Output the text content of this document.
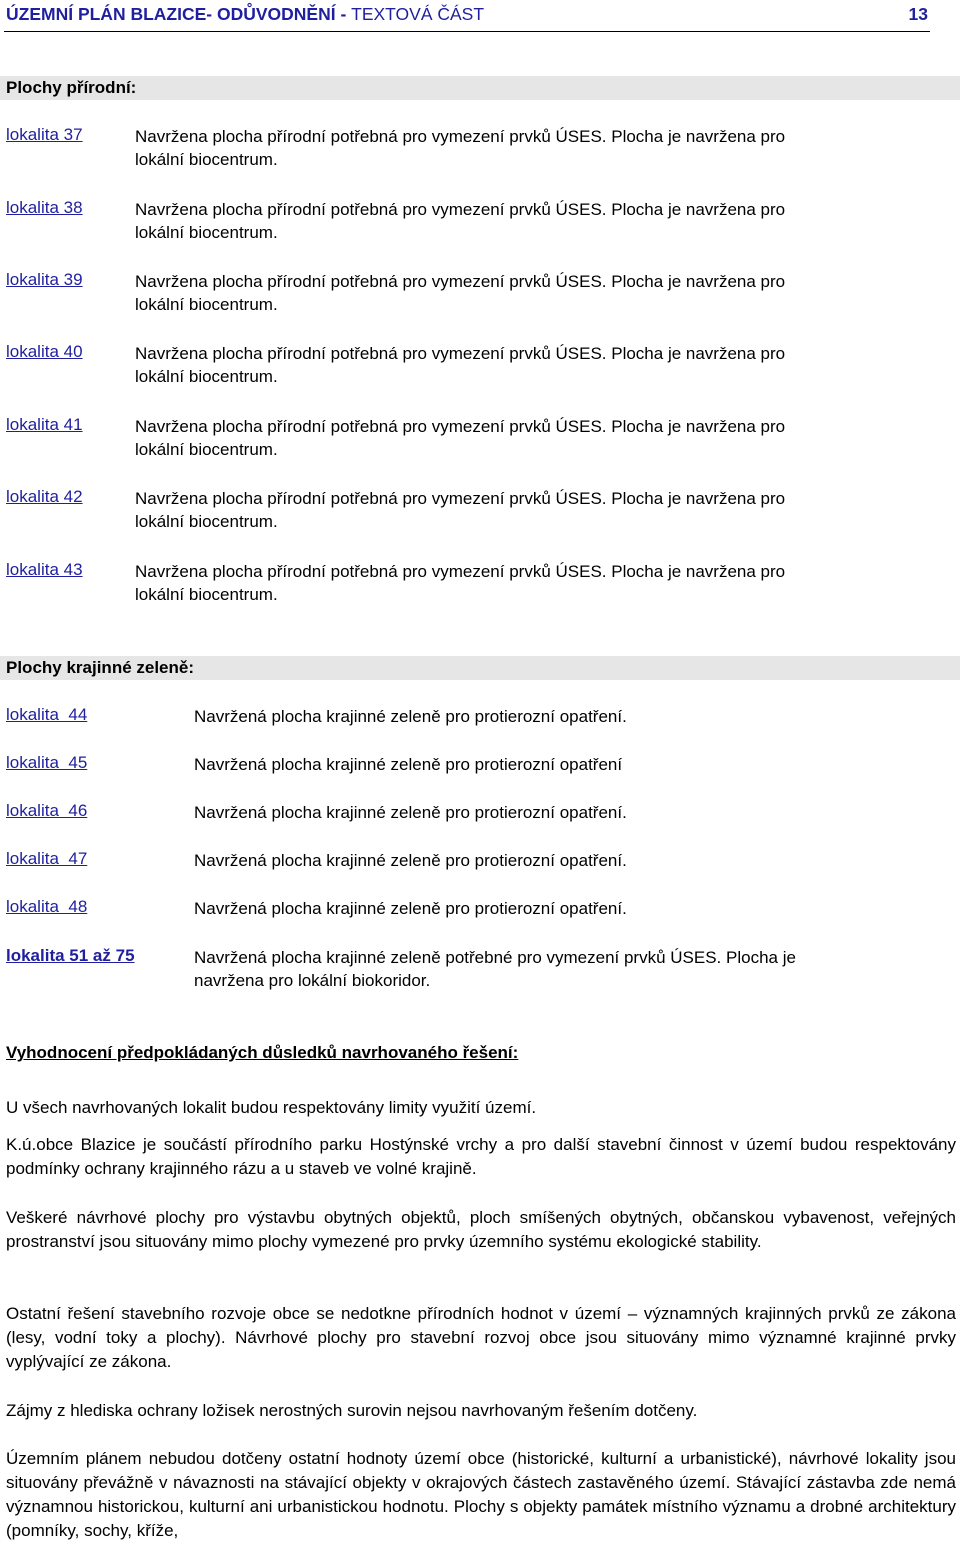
ÚZEMNÍ PLÁN BLAZICE- ODŮVODNĚNÍ - TEXTOVÁ ČÁST	13
Plochy přírodní:
lokalita 37	Navržena plocha přírodní potřebná pro vymezení prvků ÚSES. Plocha je navržena pro
lokální biocentrum.
lokalita 38	Navržena plocha přírodní potřebná pro vymezení prvků ÚSES. Plocha je navržena pro
lokální biocentrum.
lokalita 39	Navržena plocha přírodní potřebná pro vymezení prvků ÚSES. Plocha je navržena pro
lokální biocentrum.
lokalita 40	Navržena plocha přírodní potřebná pro vymezení prvků ÚSES. Plocha je navržena pro
lokální biocentrum.
lokalita 41	Navržena plocha přírodní potřebná pro vymezení prvků ÚSES. Plocha je navržena pro
lokální biocentrum.
lokalita 42	Navržena plocha přírodní potřebná pro vymezení prvků ÚSES. Plocha je navržena pro
lokální biocentrum.
lokalita 43	Navržena plocha přírodní potřebná pro vymezení prvků ÚSES. Plocha je navržena pro
lokální biocentrum.
Plochy krajinné zeleně:
lokalita  44	Navržená plocha krajinné zeleně pro protierozní opatření.
lokalita  45	Navržená plocha krajinné zeleně pro protierozní opatření
lokalita  46	Navržená plocha krajinné zeleně pro protierozní opatření.
lokalita  47	Navržená plocha krajinné zeleně pro protierozní opatření.
lokalita  48	Navržená plocha krajinné zeleně pro protierozní opatření.
lokalita 51 až 75	Navržená plocha krajinné zeleně potřebné pro vymezení prvků ÚSES. Plocha je
navržena pro lokální biokoridor.
Vyhodnocení předpokládaných důsledků navrhovaného řešení:
U všech navrhovaných lokalit budou respektovány limity využití území.
K.ú.obce Blazice je součástí přírodního parku Hostýnské vrchy a pro další stavební činnost v území budou respektovány podmínky ochrany krajinného rázu a u staveb ve volné krajině.
Veškeré návrhové plochy pro výstavbu obytných objektů, ploch smíšených obytných, občanskou vybavenost, veřejných prostranství jsou situovány mimo plochy vymezené pro prvky územního systému ekologické stability.
Ostatní řešení stavebního rozvoje obce se nedotkne přírodních hodnot v území – významných krajinných prvků ze zákona (lesy, vodní toky a plochy). Návrhové plochy pro stavební rozvoj obce jsou situovány mimo významné krajinné prvky vyplývající ze zákona.
Zájmy z hlediska ochrany ložisek nerostných surovin nejsou navrhovaným řešením dotčeny.
Územním plánem nebudou dotčeny ostatní hodnoty území obce (historické, kulturní a urbanistické), návrhové lokality jsou situovány převážně v návaznosti na stávající objekty v okrajových částech zastavěného území. Stávající zástavba zde nemá významnou historickou, kulturní ani urbanistickou hodnotu. Plochy s objekty památek místního významu a drobné architektury (pomníky, sochy, kříže,
